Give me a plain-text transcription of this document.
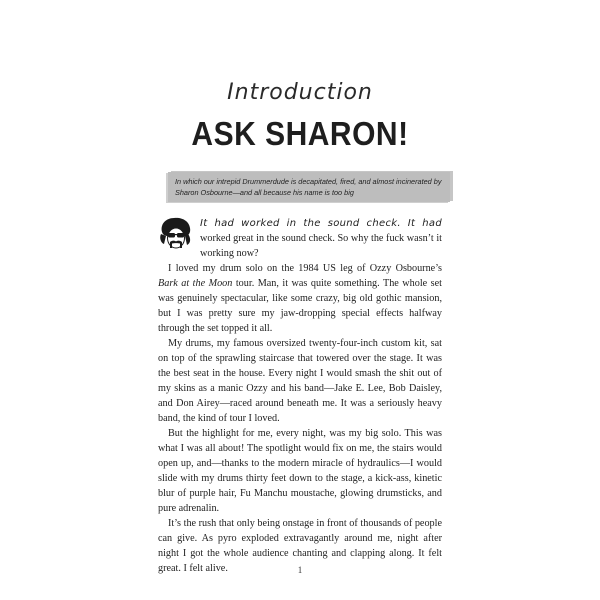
Introduction
ASK SHARON!
In which our intrepid Drummerdude is decapitated, fired, and almost incinerated by Sharon Osbourne—and all because his name is too big

It had worked in the sound check. It had worked great in the sound check. So why the fuck wasn’t it working now?

I loved my drum solo on the 1984 US leg of Ozzy Osbourne’s Bark at the Moon tour. Man, it was quite something. The whole set was genuinely spectacular, like some crazy, big old gothic mansion, but I was pretty sure my jaw-dropping special effects halfway through the set topped it all.

My drums, my famous oversized twenty-four-inch custom kit, sat on top of the sprawling staircase that towered over the stage. It was the best seat in the house. Every night I would smash the shit out of my skins as a manic Ozzy and his band—Jake E. Lee, Bob Daisley, and Don Airey—raced around beneath me. It was a seriously heavy band, the kind of tour I loved.

But the highlight for me, every night, was my big solo. This was what I was all about! The spotlight would fix on me, the stairs would open up, and—thanks to the modern miracle of hydraulics—I would slide with my drums thirty feet down to the stage, a kick-ass, kinetic blur of purple hair, Fu Manchu moustache, glowing drumsticks, and pure adrenalin.

It’s the rush that only being onstage in front of thousands of people can give. As pyro exploded extravagantly around me, night after night I got the whole audience chanting and clapping along. It felt great. I felt alive.	1
